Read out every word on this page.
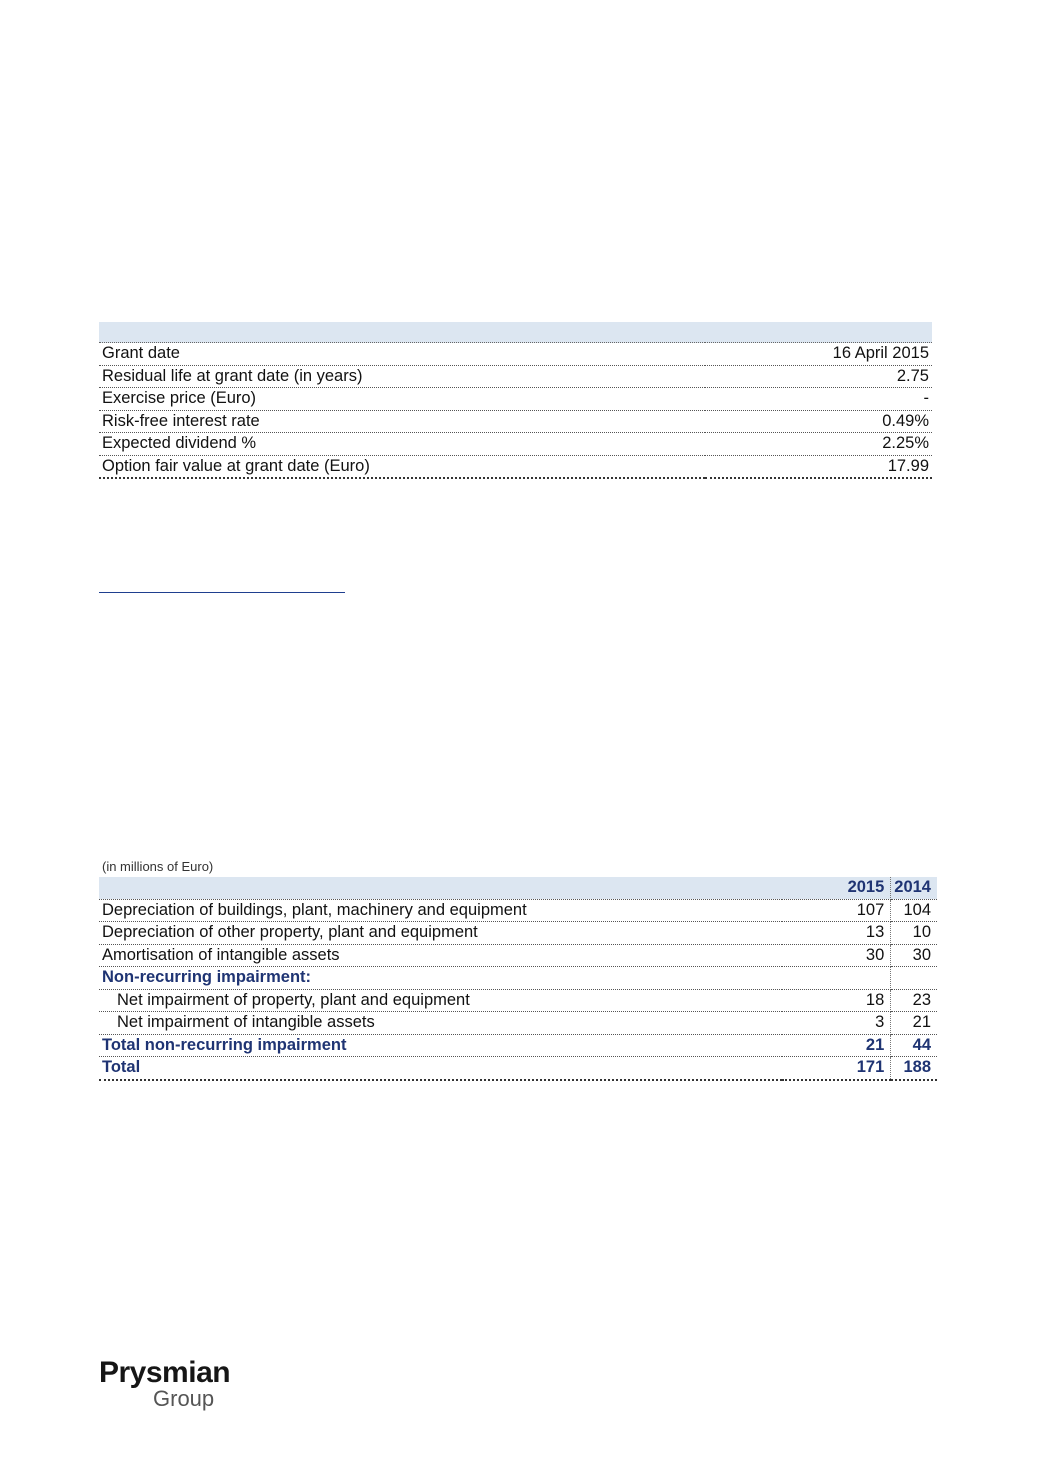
Grant date	16 April 2015
Residual life at grant date (in years)	2.75
Exercise price (Euro)	-
Risk-free interest rate	0.49%
Expected dividend %	2.25%
Option fair value at grant date (Euro)	17.99
(in millions of Euro)
	2015	2014
Depreciation of buildings, plant, machinery and equipment	107	104
Depreciation of other property, plant and equipment	13	10
Amortisation of intangible assets	30	30
Non-recurring impairment:		
Net impairment of property, plant and equipment	18	23
Net impairment of intangible assets	3	21
Total non-recurring impairment	21	44
Total	171	188
Prysmian
Group
